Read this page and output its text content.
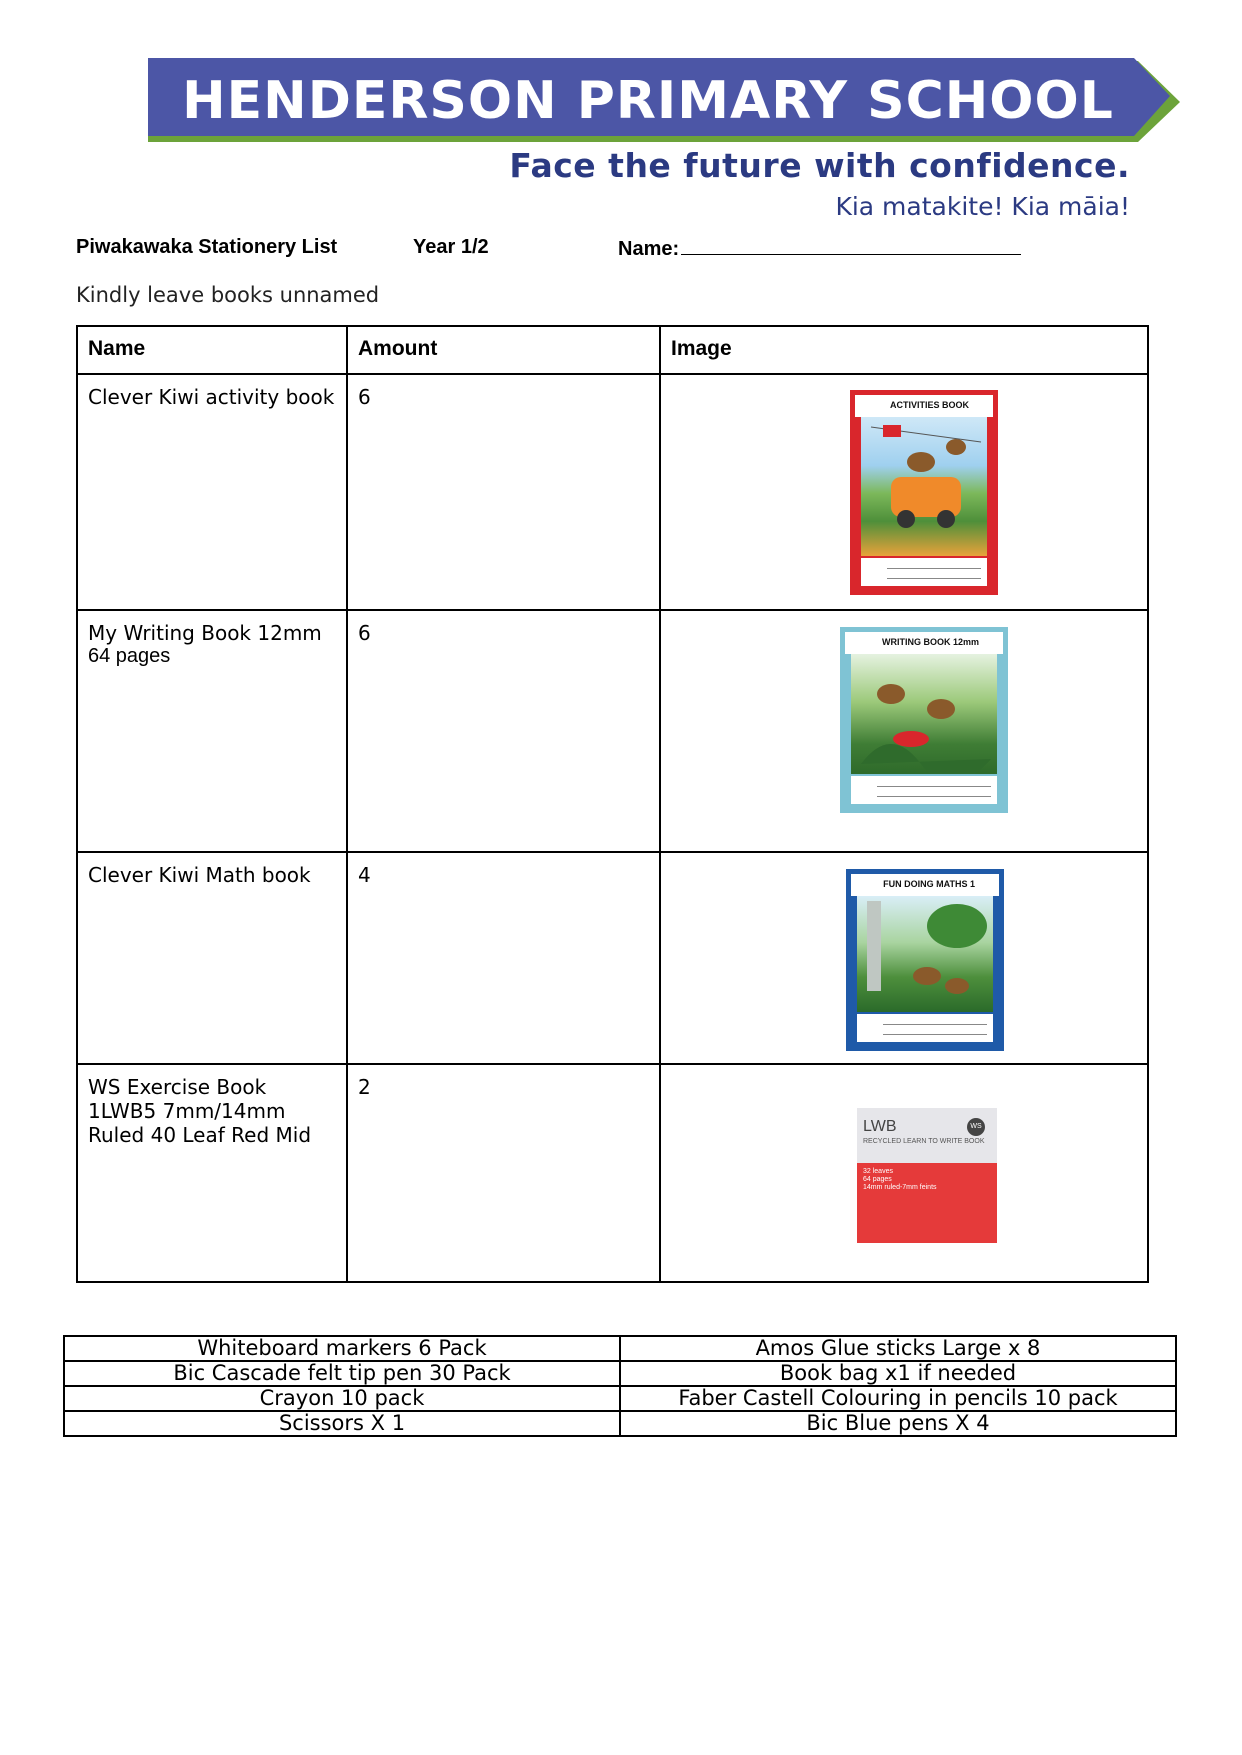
HENDERSON PRIMARY SCHOOL
Face the future with confidence.
Kia matakite! Kia māia!
Piwakawaka Stationery List	Year 1/2	Name:
Kindly leave books unnamed
Name	Amount	Image
Clever Kiwi activity book	6	

My Writing Book 12mm
64 pages	6	
Clever Kiwi Math book	4	
WS Exercise Book 1LWB5 7mm/14mm Ruled 40 Leaf Red Mid	2	
ACTIVITIES BOOK
WRITING BOOK 12mm
FUN DOING MATHS 1
LWB
RECYCLED LEARN TO WRITE BOOK
32 leaves
64 pages
14mm ruled-7mm feints
WS
Whiteboard markers 6 Pack	Amos Glue sticks Large x 8
Bic Cascade felt tip pen 30 Pack	Book bag x1 if needed
Crayon 10 pack	Faber Castell Colouring in pencils 10 pack
Scissors X 1	Bic Blue pens X 4
